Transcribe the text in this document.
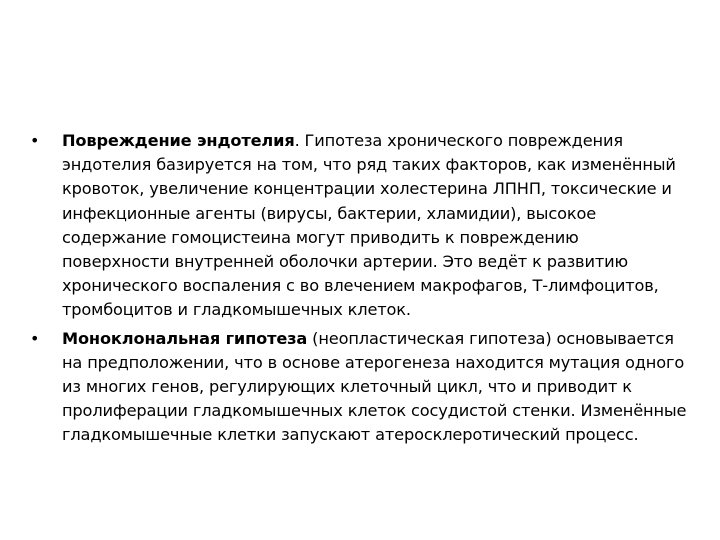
• Повреждение эндотелия. Гипотеза хронического повреждения эндотелия базируется на том, что ряд таких факторов, как изменённый кровоток, увеличение концентрации холестерина ЛПНП, токсические и инфекционные агенты (вирусы, бактерии, хламидии), высокое содержание гомоцистеина могут приводить к повреждению поверхности внутренней оболочки артерии. Это ведёт к развитию хронического воспаления с во влечением макрофагов, Т-лимфоцитов, тромбоцитов и гладкомышечных клеток.
• Моноклональная гипотеза (неопластическая гипотеза) основывается на предположении, что в основе атерогенеза находится мутация одного из многих генов, регулирующих клеточный цикл, что и приводит к пролиферации гладкомышечных клеток сосудистой стенки. Изменённые гладкомышечные клетки запускают атеросклеротический процесс.
